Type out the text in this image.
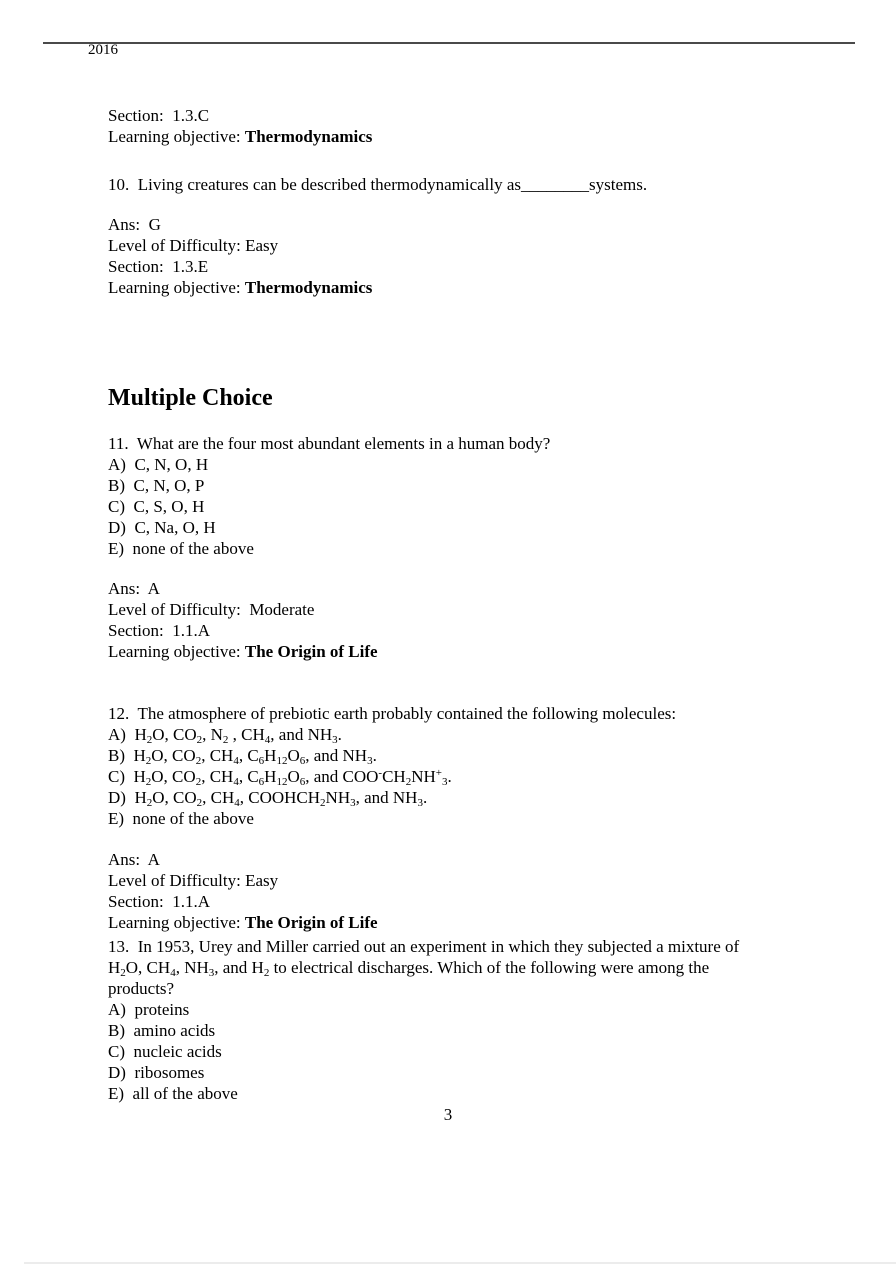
2016
Section:  1.3.C
Learning objective: Thermodynamics
10.  Living creatures can be described thermodynamically as________systems.
Ans:  G
Level of Difficulty: Easy
Section:  1.3.E
Learning objective: Thermodynamics
Multiple Choice
11.  What are the four most abundant elements in a human body?
A)  C, N, O, H
B)  C, N, O, P
C)  C, S, O, H
D)  C, Na, O, H
E)  none of the above
Ans:  A
Level of Difficulty:  Moderate
Section:  1.1.A
Learning objective: The Origin of Life
12.  The atmosphere of prebiotic earth probably contained the following molecules:
A)  $H_2O$, $CO_2$, $N_2$ , $CH_4$, and $NH_3$.
B)  $H_2O$, $CO_2$, $CH_4$, $C_6H_{12}O_6$, and $NH_3$.
C)  $H_2O$, $CO_2$, $CH_4$, $C_6H_{12}O_6$, and $COO^-CH_2NH^+_3$.
D)  $H_2O$, $CO_2$, $CH_4$, $COOHCH_2NH_3$, and $NH_3$.
E)  none of the above
Ans:  A
Level of Difficulty: Easy
Section:  1.1.A
Learning objective: The Origin of Life
13.  In 1953, Urey and Miller carried out an experiment in which they subjected a mixture of
$H_2O$, $CH_4$, $NH_3$, and $H_2$ to electrical discharges. Which of the following were among the
products?
A)  proteins
B)  amino acids
C)  nucleic acids
D)  ribosomes
E)  all of the above
3
